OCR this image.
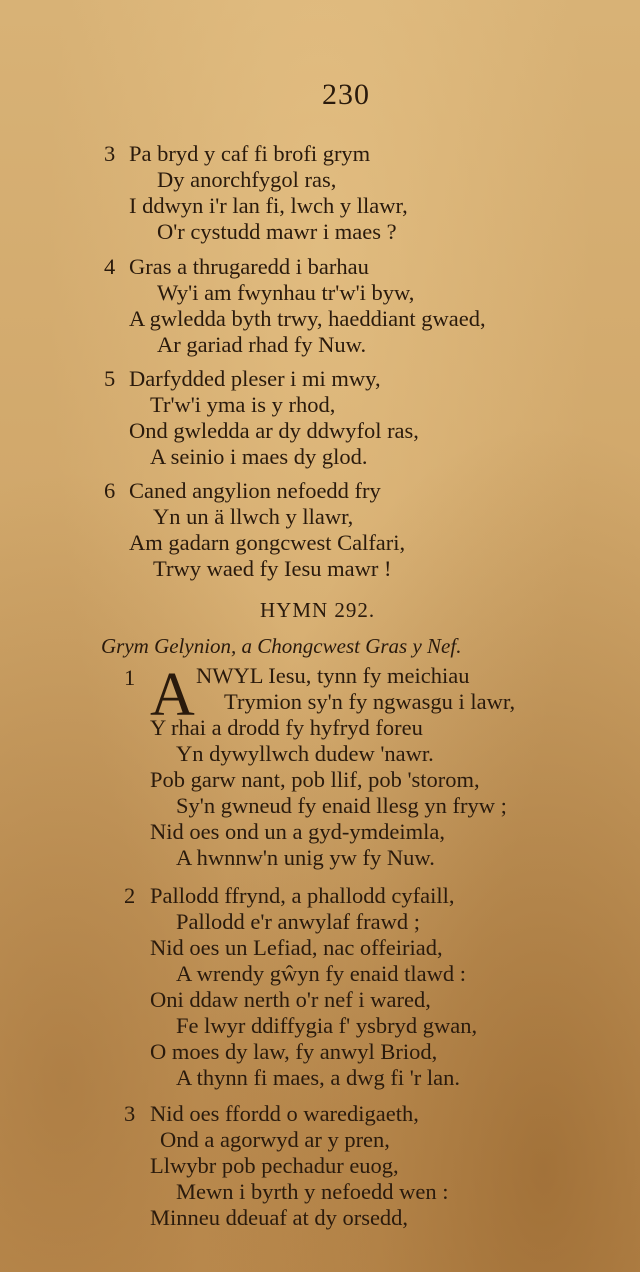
230
3 Pa bryd y caf fi brofi grym
Dy anorchfygol ras,
I ddwyn i'r lan fi, lwch y llawr,
O'r cystudd mawr i maes ?
4 Gras a thrugaredd i barhau
Wy'i am fwynhau tr'w'i byw,
A gwledda byth trwy, haeddiant gwaed,
Ar gariad rhad fy Nuw.
5 Darfydded pleser i mi mwy,
Tr'w'i yma is y rhod,
Ond gwledda ar dy ddwyfol ras,
A seinio i maes dy glod.
6 Caned angylion nefoedd fry
Yn un ä llwch y llawr,
Am gadarn gongcwest Calfari,
Trwy waed fy Iesu mawr !
HYMN 292.
Grym Gelynion, a Chongcwest Gras y Nef.
1 A NWYL Iesu, tynn fy meichiau
Trymion sy'n fy ngwasgu i lawr,
Y rhai a drodd fy hyfryd foreu
Yn dywyllwch dudew 'nawr.
Pob garw nant, pob llif, pob 'storom,
Sy'n gwneud fy enaid llesg yn fryw ;
Nid oes ond un a gyd-ymdeimla,
A hwnnw'n unig yw fy Nuw.
2 Pallodd ffrynd, a phallodd cyfaill,
Pallodd e'r anwylaf frawd ;
Nid oes un Lefiad, nac offeiriad,
A wrendy gŵyn fy enaid tlawd :
Oni ddaw nerth o'r nef i wared,
Fe lwyr ddiffygia f' ysbryd gwan,
O moes dy law, fy anwyl Briod,
A thynn fi maes, a dwg fi 'r lan.
3 Nid oes ffordd o waredigaeth,
Ond a agorwyd ar y pren,
Llwybr pob pechadur euog,
Mewn i byrth y nefoedd wen :
Minneu ddeuaf at dy orsedd,
